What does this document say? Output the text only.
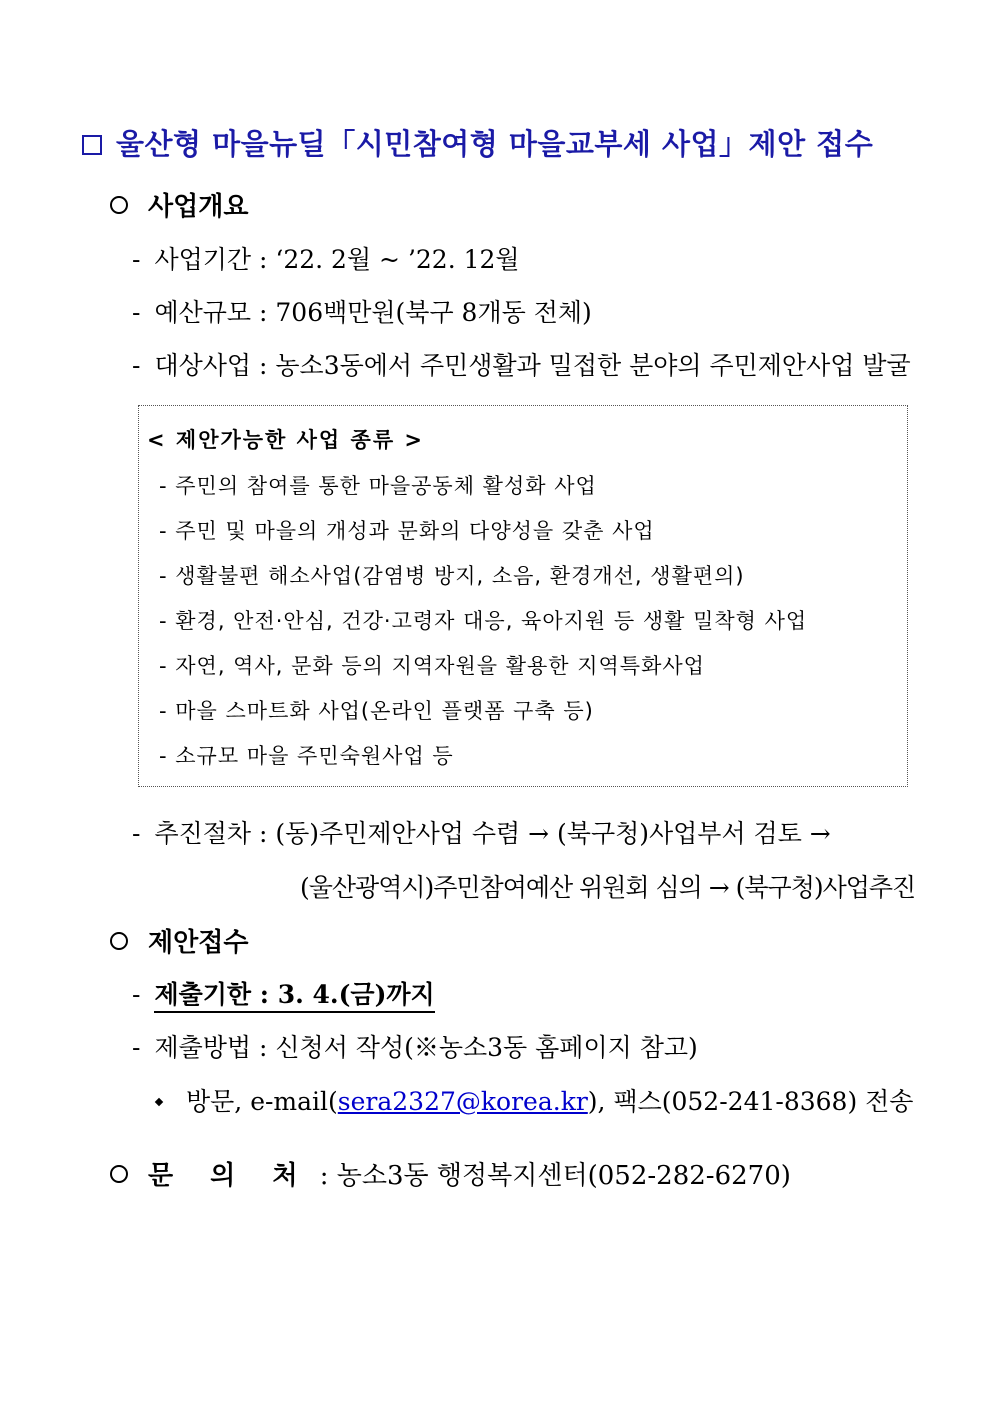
울산형 마을뉴딜「시민참여형 마을교부세 사업」제안 접수
사업개요
- 사업기간 : ‘22. 2월 ~ ’22. 12월
- 예산규모 : 706백만원(북구 8개동 전체)
- 대상사업 : 농소3동에서 주민생활과 밀접한 분야의 주민제안사업 발굴
< 제안가능한 사업 종류 >
- 주민의 참여를 통한 마을공동체 활성화 사업
- 주민 및 마을의 개성과 문화의 다양성을 갖춘 사업
- 생활불편 해소사업(감염병 방지, 소음, 환경개선, 생활편의)
- 환경, 안전·안심, 건강·고령자 대응, 육아지원 등 생활 밀착형 사업
- 자연, 역사, 문화 등의 지역자원을 활용한 지역특화사업
- 마을 스마트화 사업(온라인 플랫폼 구축 등)
- 소규모 마을 주민숙원사업 등
- 추진절차 : (동)주민제안사업 수렴 → (북구청)사업부서 검토 →
(울산광역시)주민참여예산 위원회 심의 → (북구청)사업추진
제안접수
- 제출기한 : 3. 4.(금)까지
- 제출방법 : 신청서 작성(※농소3동 홈페이지 참고)
방문, e-mail(sera2327@korea.kr), 팩스(052-241-8368) 전송
문 의 처 : 농소3동 행정복지센터(052-282-6270)
